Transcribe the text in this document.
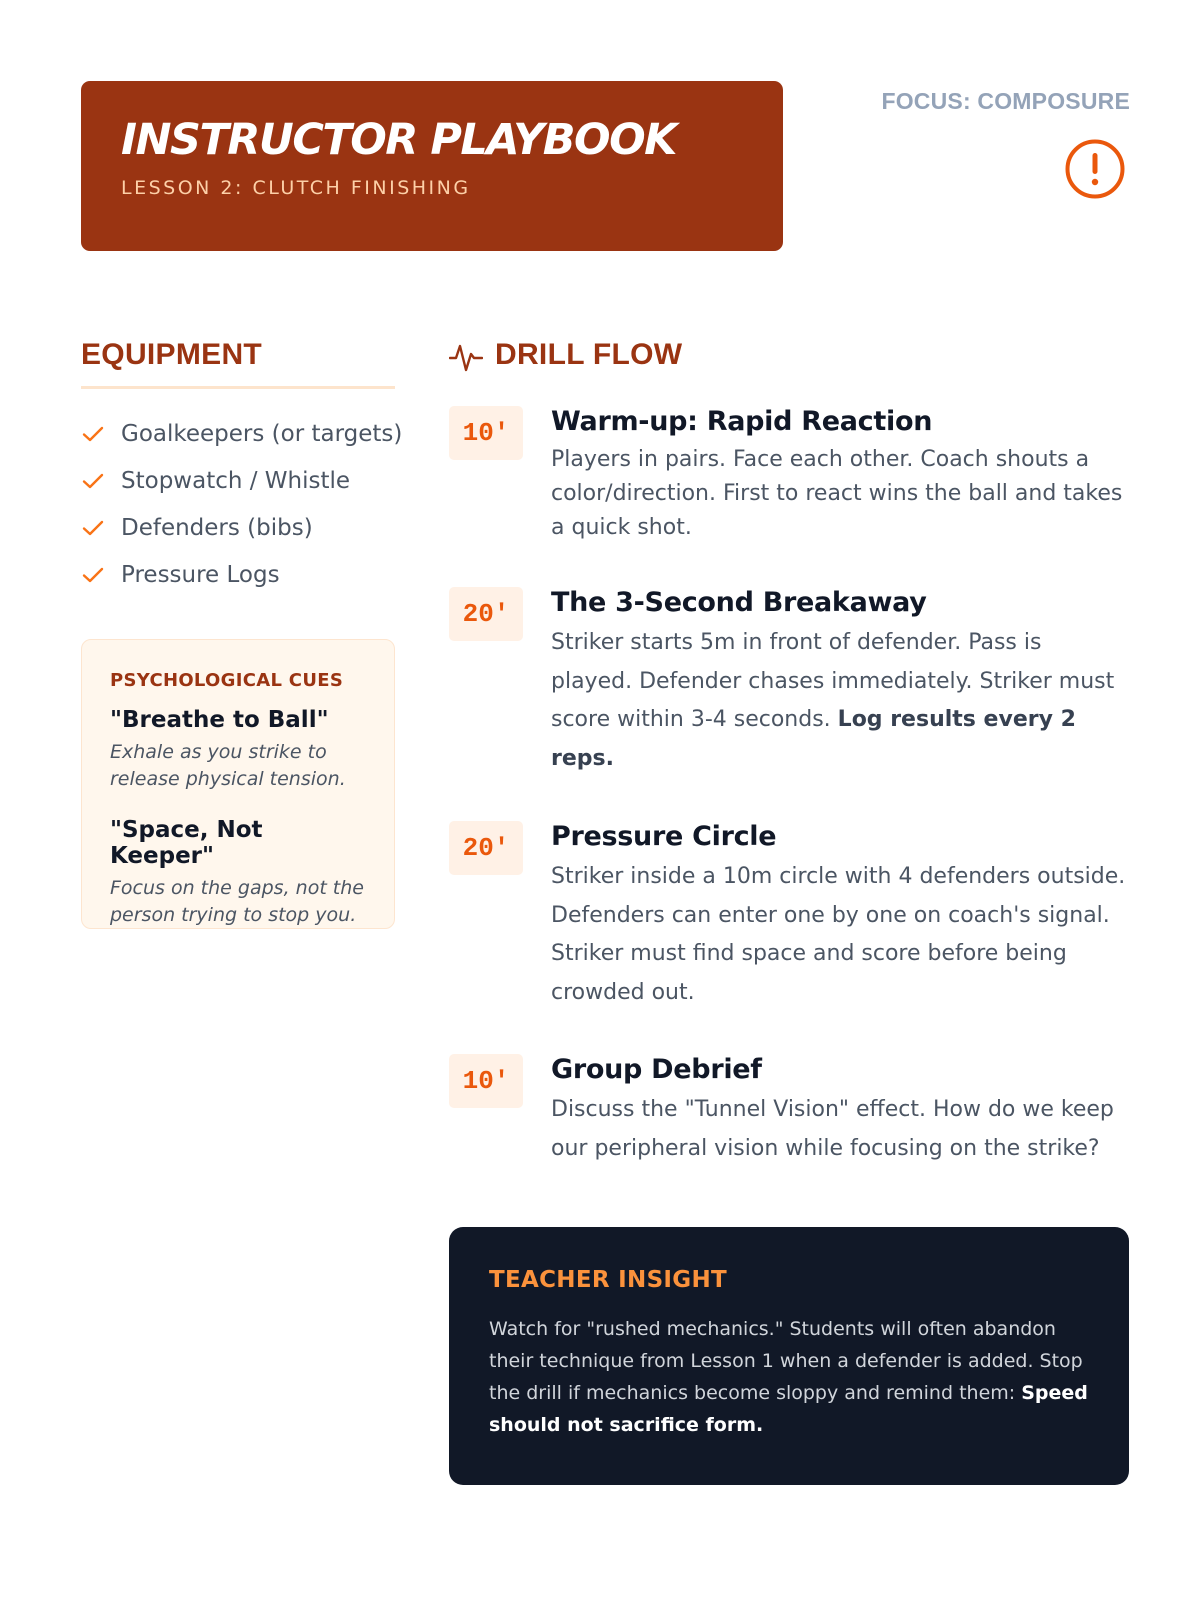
INSTRUCTOR PLAYBOOK
LESSON 2: CLUTCH FINISHING
FOCUS: COMPOSURE
EQUIPMENT
Goalkeepers (or targets)
Stopwatch / Whistle
Defenders (bibs)
Pressure Logs
PSYCHOLOGICAL CUES
"Breathe to Ball"
Exhale as you strike to release physical tension.
"Space, Not Keeper"
Focus on the gaps, not the person trying to stop you.
DRILL FLOW
10'	Warm-up: Rapid Reaction
Players in pairs. Face each other. Coach shouts a color/direction. First to react wins the ball and takes a quick shot.
20'	The 3-Second Breakaway
Striker starts 5m in front of defender. Pass is played. Defender chases immediately. Striker must score within 3-4 seconds. Log results every 2 reps.
20'	Pressure Circle
Striker inside a 10m circle with 4 defenders outside. Defenders can enter one by one on coach's signal. Striker must find space and score before being crowded out.
10'	Group Debrief
Discuss the "Tunnel Vision" effect. How do we keep our peripheral vision while focusing on the strike?
TEACHER INSIGHT
Watch for "rushed mechanics." Students will often abandon their technique from Lesson 1 when a defender is added. Stop the drill if mechanics become sloppy and remind them: Speed should not sacrifice form.
